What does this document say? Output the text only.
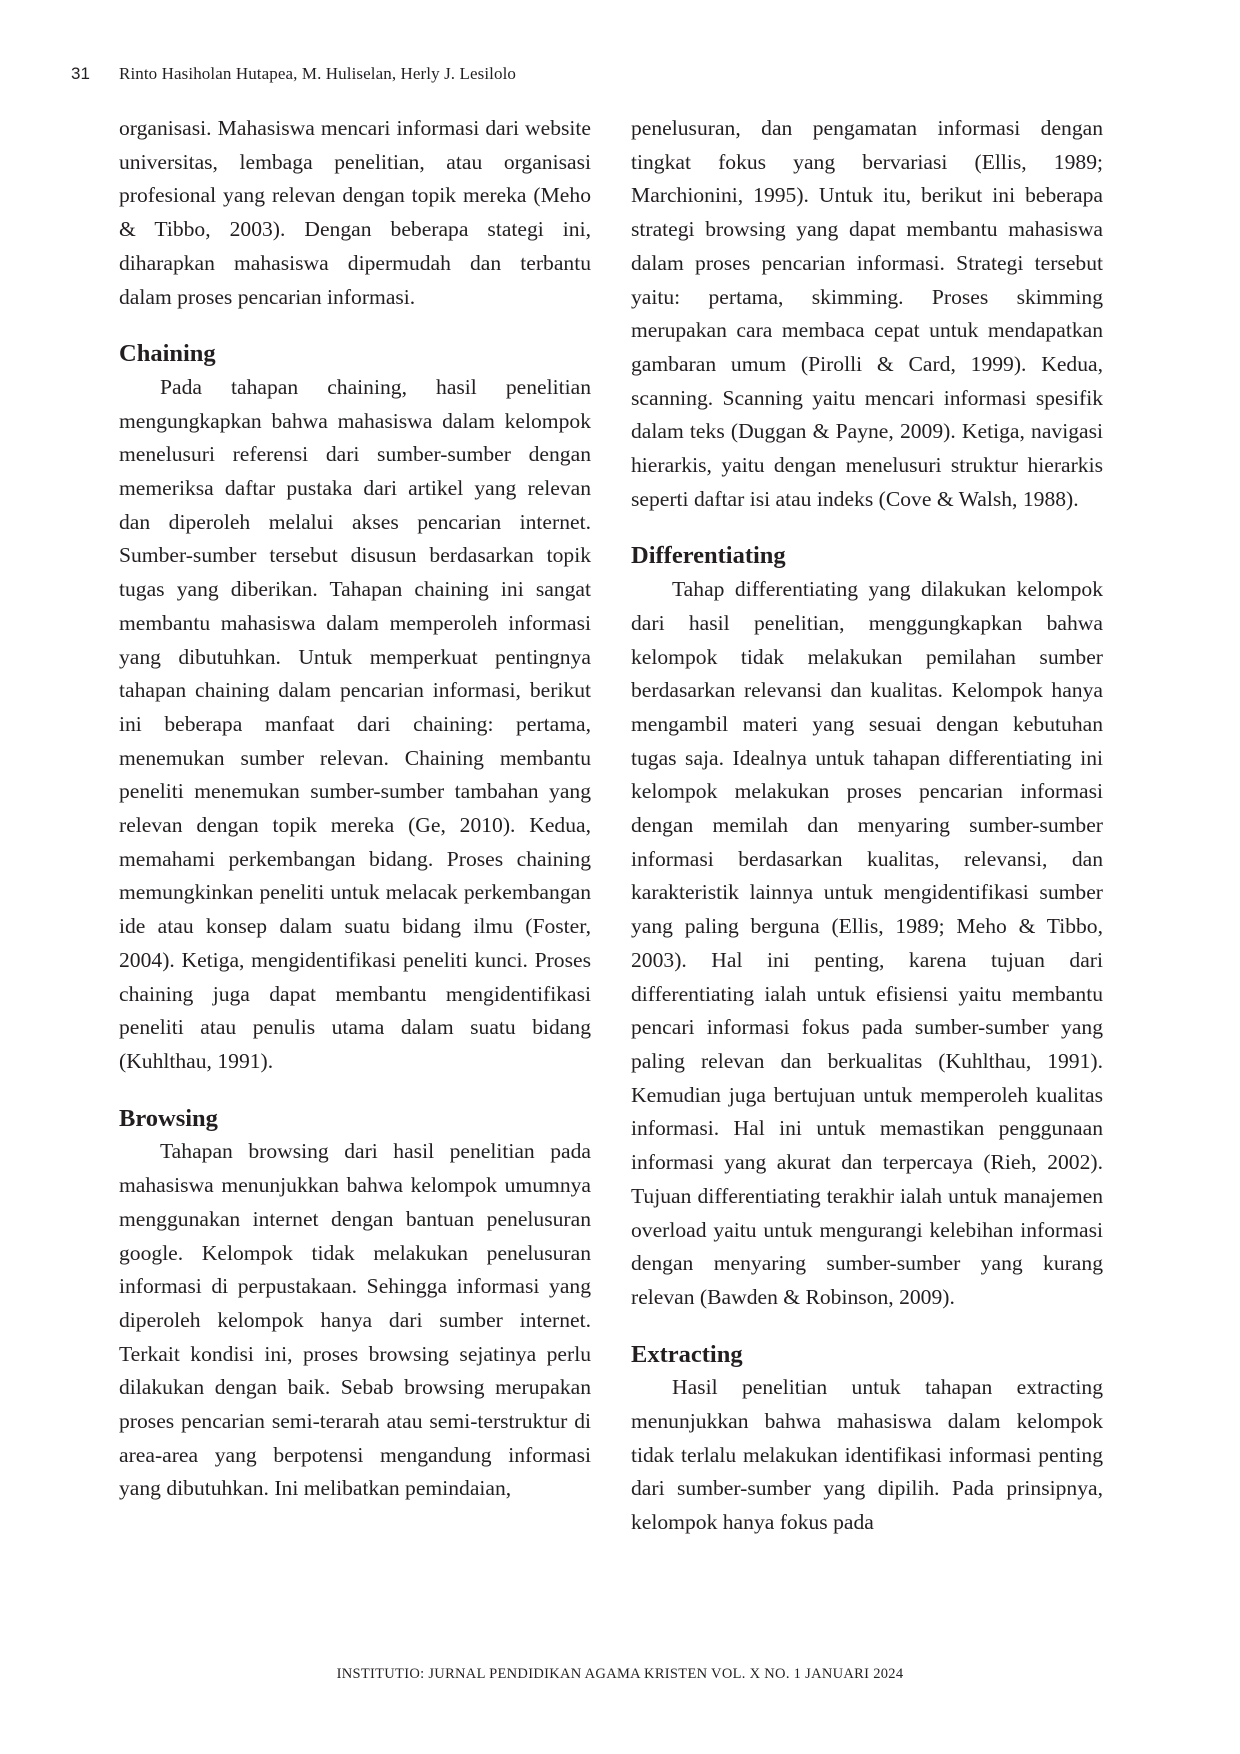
31	Rinto Hasiholan Hutapea, M. Huliselan, Herly J. Lesilolo

organisasi. Mahasiswa mencari informasi dari website universitas, lembaga penelitian, atau organisasi profesional yang relevan dengan topik mereka (Meho & Tibbo, 2003). Dengan beberapa stategi ini, diharapkan mahasiswa dipermudah dan terbantu dalam proses pencarian informasi.

Chaining

Pada tahapan chaining, hasil penelitian mengungkapkan bahwa mahasiswa dalam kelompok menelusuri referensi dari sumber-sumber dengan memeriksa daftar pustaka dari artikel yang relevan dan diperoleh melalui akses pencarian internet. Sumber-sumber tersebut disusun berdasarkan topik tugas yang diberikan. Tahapan chaining ini sangat membantu mahasiswa dalam memperoleh informasi yang dibutuhkan. Untuk memperkuat pentingnya tahapan chaining dalam pencarian informasi, berikut ini beberapa manfaat dari chaining: pertama, menemukan sumber relevan. Chaining membantu peneliti menemukan sumber-sumber tambahan yang relevan dengan topik mereka (Ge, 2010). Kedua, memahami perkembangan bidang. Proses chaining memungkinkan peneliti untuk melacak perkembangan ide atau konsep dalam suatu bidang ilmu (Foster, 2004). Ketiga, mengidentifikasi peneliti kunci. Proses chaining juga dapat membantu mengidentifikasi peneliti atau penulis utama dalam suatu bidang (Kuhlthau, 1991).

Browsing

Tahapan browsing dari hasil penelitian pada mahasiswa menunjukkan bahwa kelompok umumnya menggunakan internet dengan bantuan penelusuran google. Kelompok tidak melakukan penelusuran informasi di perpustakaan. Sehingga informasi yang diperoleh kelompok hanya dari sumber internet. Terkait kondisi ini, proses browsing sejatinya perlu dilakukan dengan baik. Sebab browsing merupakan proses pencarian semi-terarah atau semi-terstruktur di area-area yang berpotensi mengandung informasi yang dibutuhkan. Ini melibatkan pemindaian,

penelusuran, dan pengamatan informasi dengan tingkat fokus yang bervariasi (Ellis, 1989; Marchionini, 1995). Untuk itu, berikut ini beberapa strategi browsing yang dapat membantu mahasiswa dalam proses pencarian informasi. Strategi tersebut yaitu: pertama, skimming. Proses skimming merupakan cara membaca cepat untuk mendapatkan gambaran umum (Pirolli & Card, 1999). Kedua, scanning. Scanning yaitu mencari informasi spesifik dalam teks (Duggan & Payne, 2009). Ketiga, navigasi hierarkis, yaitu dengan menelusuri struktur hierarkis seperti daftar isi atau indeks (Cove & Walsh, 1988).

Differentiating

Tahap differentiating yang dilakukan kelompok dari hasil penelitian, menggungkapkan bahwa kelompok tidak melakukan pemilahan sumber berdasarkan relevansi dan kualitas. Kelompok hanya mengambil materi yang sesuai dengan kebutuhan tugas saja. Idealnya untuk tahapan differentiating ini kelompok melakukan proses pencarian informasi dengan memilah dan menyaring sumber-sumber informasi berdasarkan kualitas, relevansi, dan karakteristik lainnya untuk mengidentifikasi sumber yang paling berguna (Ellis, 1989; Meho & Tibbo, 2003). Hal ini penting, karena tujuan dari differentiating ialah untuk efisiensi yaitu membantu pencari informasi fokus pada sumber-sumber yang paling relevan dan berkualitas (Kuhlthau, 1991). Kemudian juga bertujuan untuk memperoleh kualitas informasi. Hal ini untuk memastikan penggunaan informasi yang akurat dan terpercaya (Rieh, 2002). Tujuan differentiating terakhir ialah untuk manajemen overload yaitu untuk mengurangi kelebihan informasi dengan menyaring sumber-sumber yang kurang relevan (Bawden & Robinson, 2009).

Extracting

Hasil penelitian untuk tahapan extracting menunjukkan bahwa mahasiswa dalam kelompok tidak terlalu melakukan identifikasi informasi penting dari sumber-sumber yang dipilih. Pada prinsipnya, kelompok hanya fokus pada

INSTITUTIO: JURNAL PENDIDIKAN AGAMA KRISTEN VOL. X NO. 1 JANUARI 2024
